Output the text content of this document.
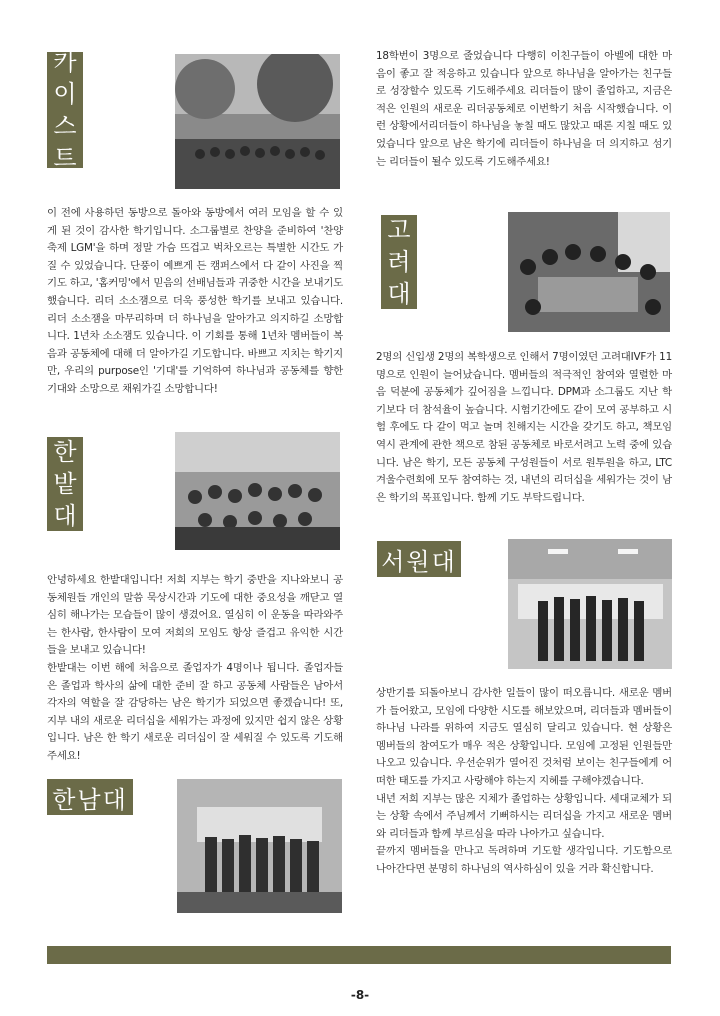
카
이
스
트

이 전에 사용하던 동방으로 돌아와 동방에서 여러 모임을 할 수 있게 된 것이 감사한 학기입니다. 소그룹별로 찬양을 준비하여 '찬양축제 LGM'을 하며 정말 가슴 뜨겁고 벅차오르는 특별한 시간도 가질 수 있었습니다. 단풍이 예쁘게 든 캠퍼스에서 다 같이 사진을 찍기도 하고, '홈커밍'에서 믿음의 선배님들과 귀중한 시간을 보내기도 했습니다. 리더 소소잼으로 더욱 풍성한 학기를 보내고 있습니다. 리더 소소잼을 마무리하며 더 하나님을 알아가고 의지하길 소망합니다. 1년차 소소잼도 있습니다. 이 기회를 통해 1년차 멤버들이 복음과 공동체에 대해 더 알아가길 기도합니다. 바쁘고 지치는 학기지만, 우리의 purpose인 '기대'를 기억하여 하나님과 공동체를 향한 기대와 소망으로 채워가길 소망합니다!

한
밭
대

안녕하세요 한밭대입니다! 저희 지부는 학기 중반을 지나와보니 공동체원들 개인의 말씀 묵상시간과 기도에 대한 중요성을 깨닫고 열심히 해나가는 모습들이 많이 생겼어요. 열심히 이 운동을 따라와주는 한사람, 한사람이 모여 저희의 모임도 항상 즐겁고 유익한 시간들을 보내고 있습니다!
한밭대는 이번 해에 처음으로 졸업자가 4명이나 됩니다. 졸업자들은 졸업과 학사의 삶에 대한 준비 잘 하고 공동체 사람들은 남아서 각자의 역할을 잘 감당하는 남은 학기가 되었으면 좋겠습니다! 또, 지부 내의 새로운 리더십을 세워가는 과정에 있지만 쉽지 않은 상황입니다. 남은 한 학기 새로운 리더십이 잘 세워질 수 있도록 기도해주세요!

한남대

18학번이 3명으로 줄었습니다 다행히 이친구들이 아벨에 대한 마음이 좋고 잘 적응하고 있습니다 앞으로 하나님을 알아가는 친구들로 성장할수 있도록 기도해주세요 리더들이 많이 졸업하고, 지금은 적은 인원의 새로운 리더공동체로 이번학기 처음 시작했습니다. 이런 상황에서리더들이 하나님을 놓칠 때도 많았고 때론 지칠 때도 있었습니다 앞으로 남은 학기에 리더들이 하나님을 더 의지하고 섬기는 리더들이 될수 있도록 기도해주세요!

고
려
대

2명의 신입생 2명의 복학생으로 인해서 7명이였던 고려대IVF가 11명으로 인원이 늘어났습니다. 멤버들의 적극적인 참여와 열렬한 마음 덕분에 공동체가 깊어짐을 느낍니다. DPM과 소그룹도 지난 학기보다 더 참석율이 높습니다. 시험기간에도 같이 모여 공부하고 시험 후에도 다 같이 먹고 놀며 친해지는 시간을 갖기도 하고, 책모임 역시 관계에 관한 책으로 참된 공동체로 바로서려고 노력 중에 있습니다. 남은 학기, 모든 공동체 구성원들이 서로 원투원을 하고, LTC 겨울수련회에 모두 참여하는 것, 내년의 리더십을 세워가는 것이 남은 학기의 목표입니다. 함께 기도 부탁드립니다.

서원대

상반기를 되돌아보니 감사한 일들이 많이 떠오릅니다. 새로운 멤버가 들어왔고, 모임에 다양한 시도를 해보았으며, 리더들과 멤버들이 하나님 나라를 위하여 지금도 열심히 달리고 있습니다. 현 상황은 멤버들의 참여도가 매우 적은 상황입니다. 모임에 고정된 인원들만 나오고 있습니다. 우선순위가 열어진 것처럼 보이는 친구들에게 어떠한 태도를 가지고 사랑해야 하는지 지혜를 구해야겠습니다.
내년 저희 지부는 많은 지체가 졸업하는 상황입니다. 세대교체가 되는 상황 속에서 주님께서 기뻐하시는 리더십을 가지고 새로운 멤버와 리더들과 함께 부르심을 따라 나아가고 싶습니다.
끝까지 멤버들을 만나고 독려하며 기도할 생각입니다. 기도함으로 나아간다면 분명히 하나님의 역사하심이 있을 거라 확신합니다.

-8-
